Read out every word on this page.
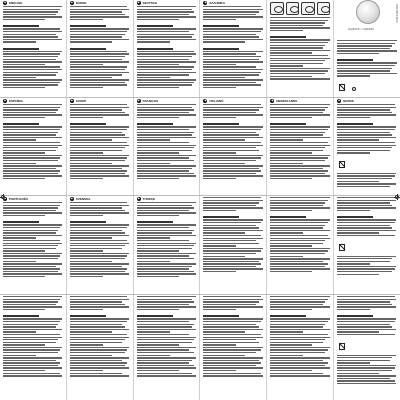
◉	ENGLISH	◉	DANSK	◉	DEUTSCH	◉	ΕΛΛΗΝΙΚΑ
HQ6930 / HQ6920
4203 000 5 68 41

◉	ESPAÑOL	◉	SUOMI	◉	FRANÇAIS	◉	ITALIANO	◉	NEDERLANDS	◉	NORSK
◉	PORTUGUÊS	◉	SVENSKA	◉	TÜRKÇE
